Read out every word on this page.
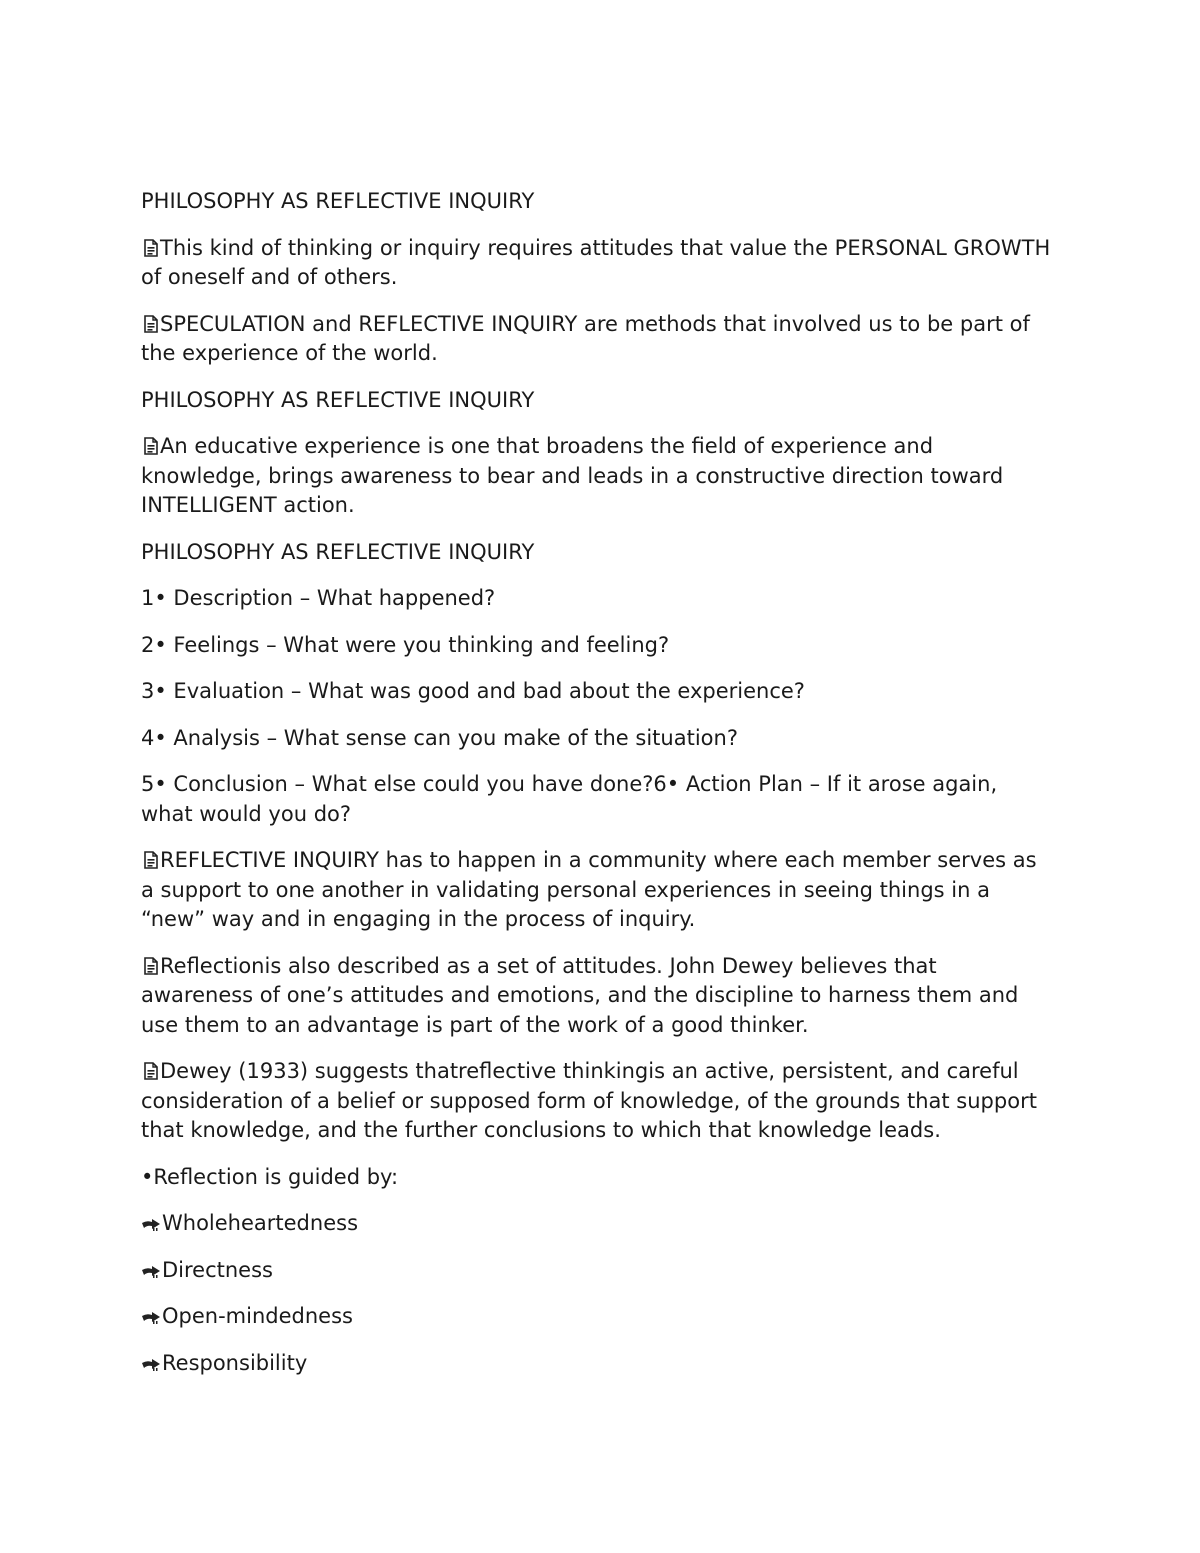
PHILOSOPHY AS REFLECTIVE INQUIRY

This kind of thinking or inquiry requires attitudes that value the PERSONAL GROWTH of oneself and of others.

SPECULATION and REFLECTIVE INQUIRY are methods that involved us to be part of the experience of the world.

PHILOSOPHY AS REFLECTIVE INQUIRY

An educative experience is one that broadens the field of experience and knowledge, brings awareness to bear and leads in a constructive direction toward INTELLIGENT action.

PHILOSOPHY AS REFLECTIVE INQUIRY

1• Description – What happened?

2• Feelings – What were you thinking and feeling?

3• Evaluation – What was good and bad about the experience?

4• Analysis – What sense can you make of the situation?

5• Conclusion – What else could you have done?6• Action Plan – If it arose again, what would you do?

REFLECTIVE INQUIRY has to happen in a community where each member serves as a support to one another in validating personal experiences in seeing things in a “new” way and in engaging in the process of inquiry.

Reflectionis also described as a set of attitudes. John Dewey believes that awareness of one’s attitudes and emotions, and the discipline to harness them and use them to an advantage is part of the work of a good thinker.

Dewey (1933) suggests thatreflective thinkingis an active, persistent, and careful consideration of a belief or supposed form of knowledge, of the grounds that support that knowledge, and the further conclusions to which that knowledge leads.

•Reflection is guided by:

Wholeheartedness

Directness

Open-mindedness

Responsibility
